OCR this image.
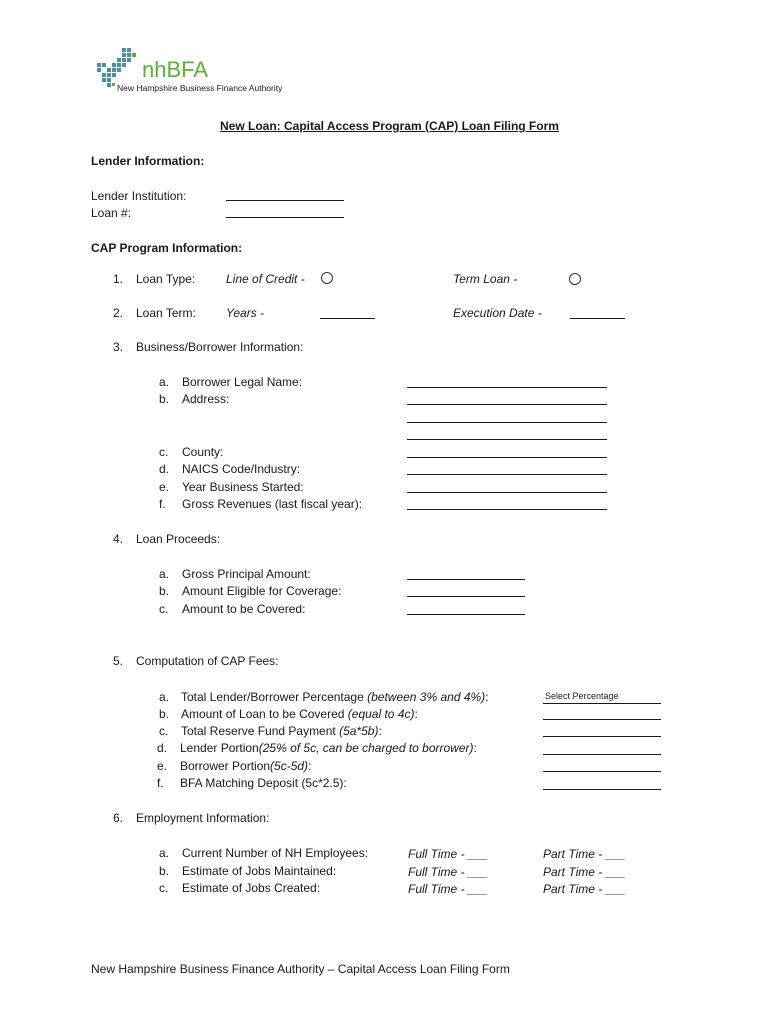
nhBFA
New Hampshire Business Finance Authority
New Loan: Capital Access Program (CAP) Loan Filing Form
Lender Information:
Lender Institution:
Loan #:
CAP Program Information:
1. Loan Type:	Line of Credit -	Term Loan -
2. Loan Term:	Years -	Execution Date -
3. Business/Borrower Information:
a. Borrower Legal Name:
b. Address:
c. County:
d. NAICS Code/Industry:
e. Year Business Started:
f. Gross Revenues (last fiscal year):
4. Loan Proceeds:
a. Gross Principal Amount:
b. Amount Eligible for Coverage:
c. Amount to be Covered:
5. Computation of CAP Fees:
a. Total Lender/Borrower Percentage (between 3% and 4%):	Select Percentage
b. Amount of Loan to be Covered (equal to 4c):
c. Total Reserve Fund Payment (5a*5b):
d. Lender Portion(25% of 5c, can be charged to borrower):
e. Borrower Portion(5c-5d):
f. BFA Matching Deposit (5c*2.5):
6. Employment Information:
a. Current Number of NH Employees:	Full Time - ___	Part Time - ___
b. Estimate of Jobs Maintained:	Full Time - ___	Part Time - ___
c. Estimate of Jobs Created:	Full Time - ___	Part Time - ___
New Hampshire Business Finance Authority – Capital Access Loan Filing Form
